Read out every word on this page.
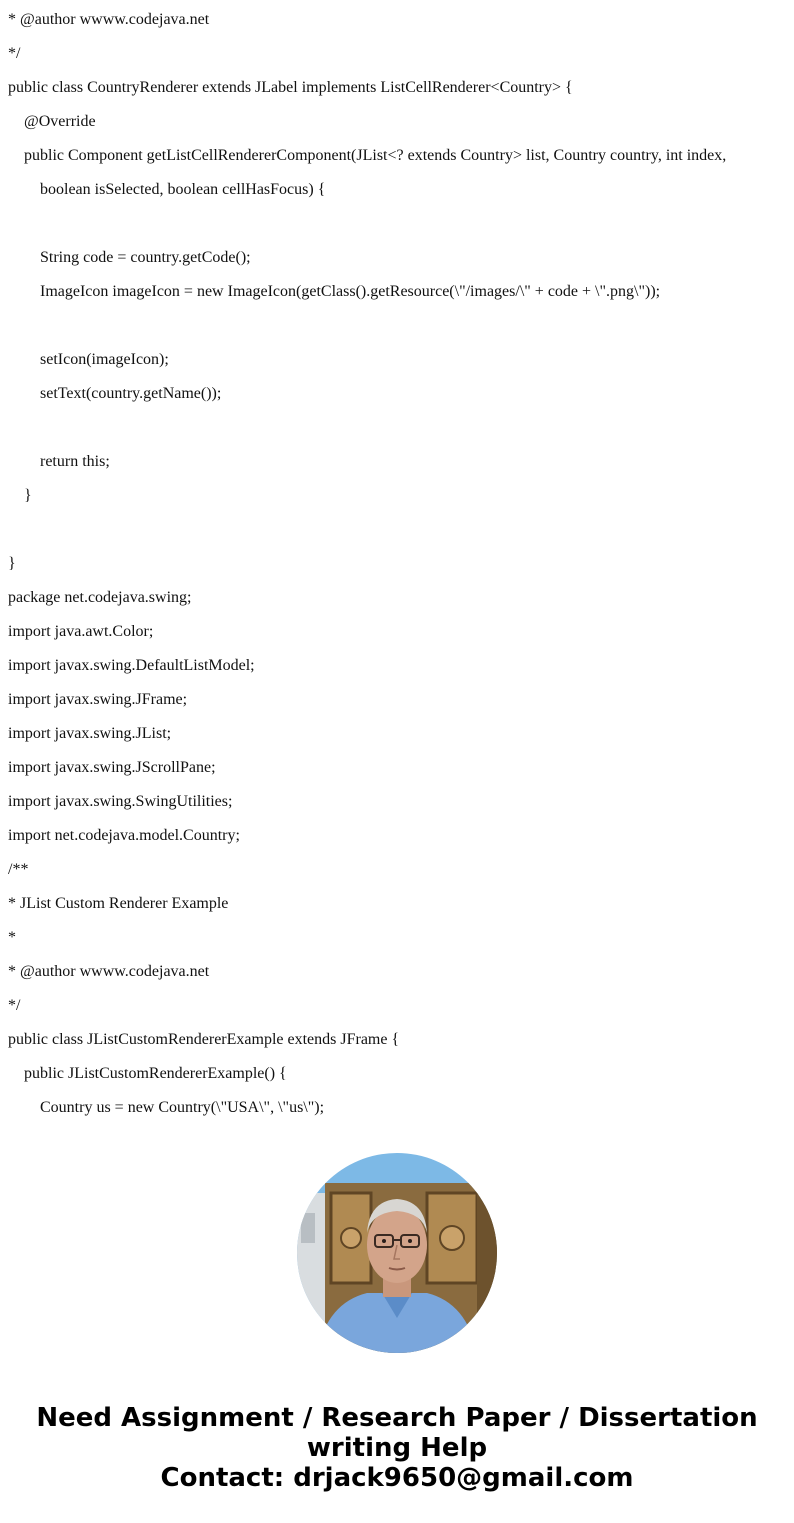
* @author wwww.codejava.net
*/
public class CountryRenderer extends JLabel implements ListCellRenderer<Country> {
@Override
public Component getListCellRendererComponent(JList<? extends Country> list, Country country, int index,
boolean isSelected, boolean cellHasFocus) {
String code = country.getCode();
ImageIcon imageIcon = new ImageIcon(getClass().getResource(\"/images/\" + code + \".png\"));
setIcon(imageIcon);
setText(country.getName());
return this;
}
}
package net.codejava.swing;
import java.awt.Color;
import javax.swing.DefaultListModel;
import javax.swing.JFrame;
import javax.swing.JList;
import javax.swing.JScrollPane;
import javax.swing.SwingUtilities;
import net.codejava.model.Country;
/**
* JList Custom Renderer Example
*
* @author wwww.codejava.net
*/
public class JListCustomRendererExample extends JFrame {
public JListCustomRendererExample() {
Country us = new Country(\"USA\", \"us\");
Need Assignment / Research Paper / Dissertation writing Help
Contact: drjack9650@gmail.com
